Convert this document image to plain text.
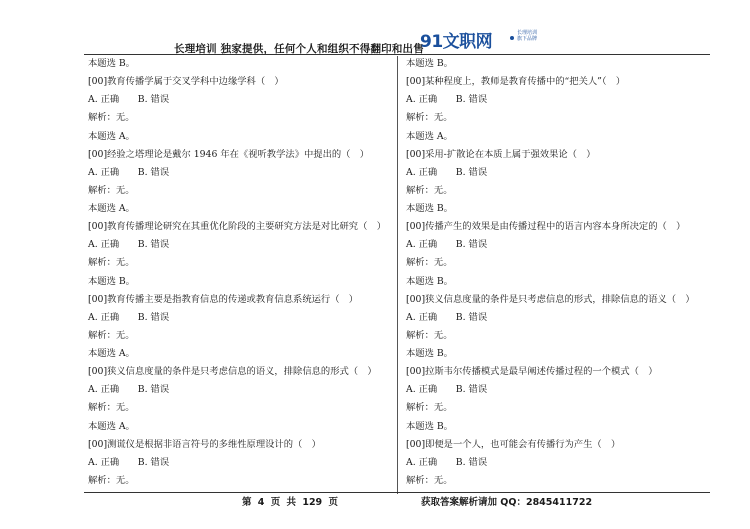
长理培训 独家提供，任何个人和组织不得翻印和出售
91文职网	长理培训
旗下品牌
本题选 B。
[00]教育传播学属于交叉学科中边缘学科（　）
A. 正确　　B. 错误
解析：无。
本题选 A。
[00]经验之塔理论是戴尔 1946 年在《视听教学法》中提出的（　）
A. 正确　　B. 错误
解析：无。
本题选 A。
[00]教育传播理论研究在其重优化阶段的主要研究方法是对比研究（　）
A. 正确　　B. 错误
解析：无。
本题选 B。
[00]教育传播主要是指教育信息的传递或教育信息系统运行（　）
A. 正确　　B. 错误
解析：无。
本题选 A。
[00]狭义信息度量的条件是只考虑信息的语义，排除信息的形式（　）
A. 正确　　B. 错误
解析：无。
本题选 A。
[00]测谎仪是根据非语言符号的多维性原理设计的（　）
A. 正确　　B. 错误
解析：无。
本题选 B。
[00]某种程度上，教师是教育传播中的“把关人”（　）
A. 正确　　B. 错误
解析：无。
本题选 A。
[00]采用-扩散论在本质上属于强效果论（　）
A. 正确　　B. 错误
解析：无。
本题选 B。
[00]传播产生的效果是由传播过程中的语言内容本身所决定的（　）
A. 正确　　B. 错误
解析：无。
本题选 B。
[00]狭义信息度量的条件是只考虑信息的形式，排除信息的语义（　）
A. 正确　　B. 错误
解析：无。
本题选 B。
[00]拉斯韦尔传播模式是最早阐述传播过程的一个模式（　）
A. 正确　　B. 错误
解析：无。
本题选 B。
[00]即便是一个人，也可能会有传播行为产生（　）
A. 正确　　B. 错误
解析：无。
第 4 页 共 129 页	获取答案解析请加 QQ：2845411722
